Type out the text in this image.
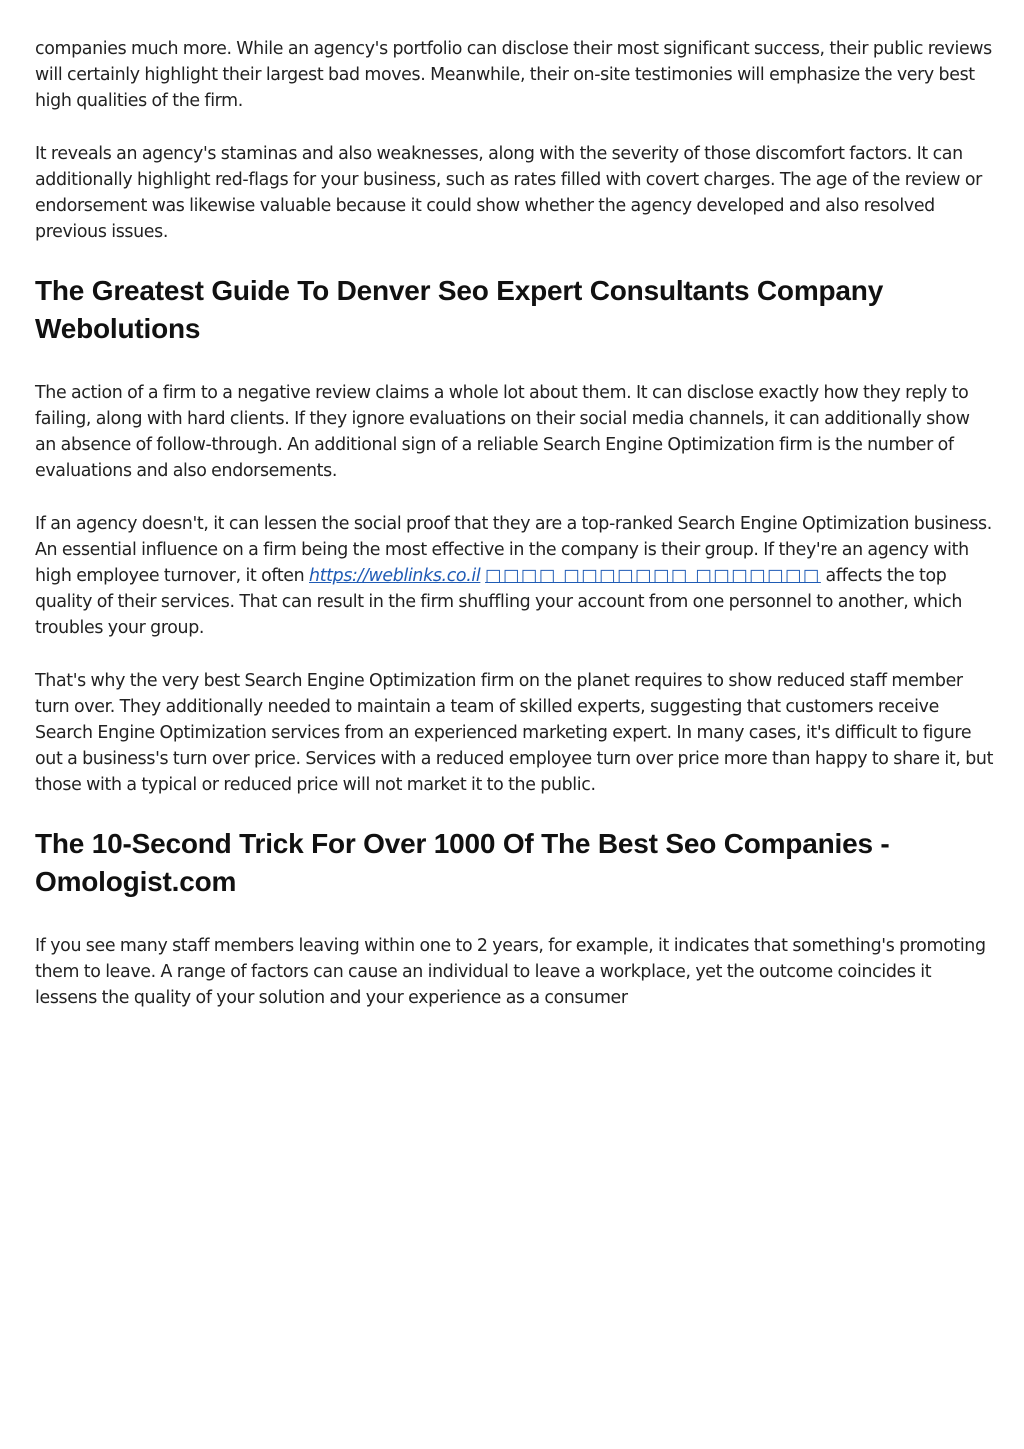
companies much more. While an agency's portfolio can disclose their most significant success, their public reviews will certainly highlight their largest bad moves. Meanwhile, their on-site testimonies will emphasize the very best high qualities of the firm.

It reveals an agency's staminas and also weaknesses, along with the severity of those discomfort factors. It can additionally highlight red-flags for your business, such as rates filled with covert charges. The age of the review or endorsement was likewise valuable because it could show whether the agency developed and also resolved previous issues.

The Greatest Guide To Denver Seo Expert Consultants Company Webolutions

The action of a firm to a negative review claims a whole lot about them. It can disclose exactly how they reply to failing, along with hard clients. If they ignore evaluations on their social media channels, it can additionally show an absence of follow-through. An additional sign of a reliable Search Engine Optimization firm is the number of evaluations and also endorsements.

If an agency doesn't, it can lessen the social proof that they are a top-ranked Search Engine Optimization business. An essential influence on a firm being the most effective in the company is their group. If they're an agency with high employee turnover, it often https://weblinks.co.il □□□□ □□□□□□□ □□□□□□□ affects the top quality of their services. That can result in the firm shuffling your account from one personnel to another, which troubles your group.

That's why the very best Search Engine Optimization firm on the planet requires to show reduced staff member turn over. They additionally needed to maintain a team of skilled experts, suggesting that customers receive Search Engine Optimization services from an experienced marketing expert. In many cases, it's difficult to figure out a business's turn over price. Services with a reduced employee turn over price more than happy to share it, but those with a typical or reduced price will not market it to the public.

The 10-Second Trick For Over 1000 Of The Best Seo Companies - Omologist.com

If you see many staff members leaving within one to 2 years, for example, it indicates that something's promoting them to leave. A range of factors can cause an individual to leave a workplace, yet the outcome coincides it lessens the quality of your solution and your experience as a consumer
